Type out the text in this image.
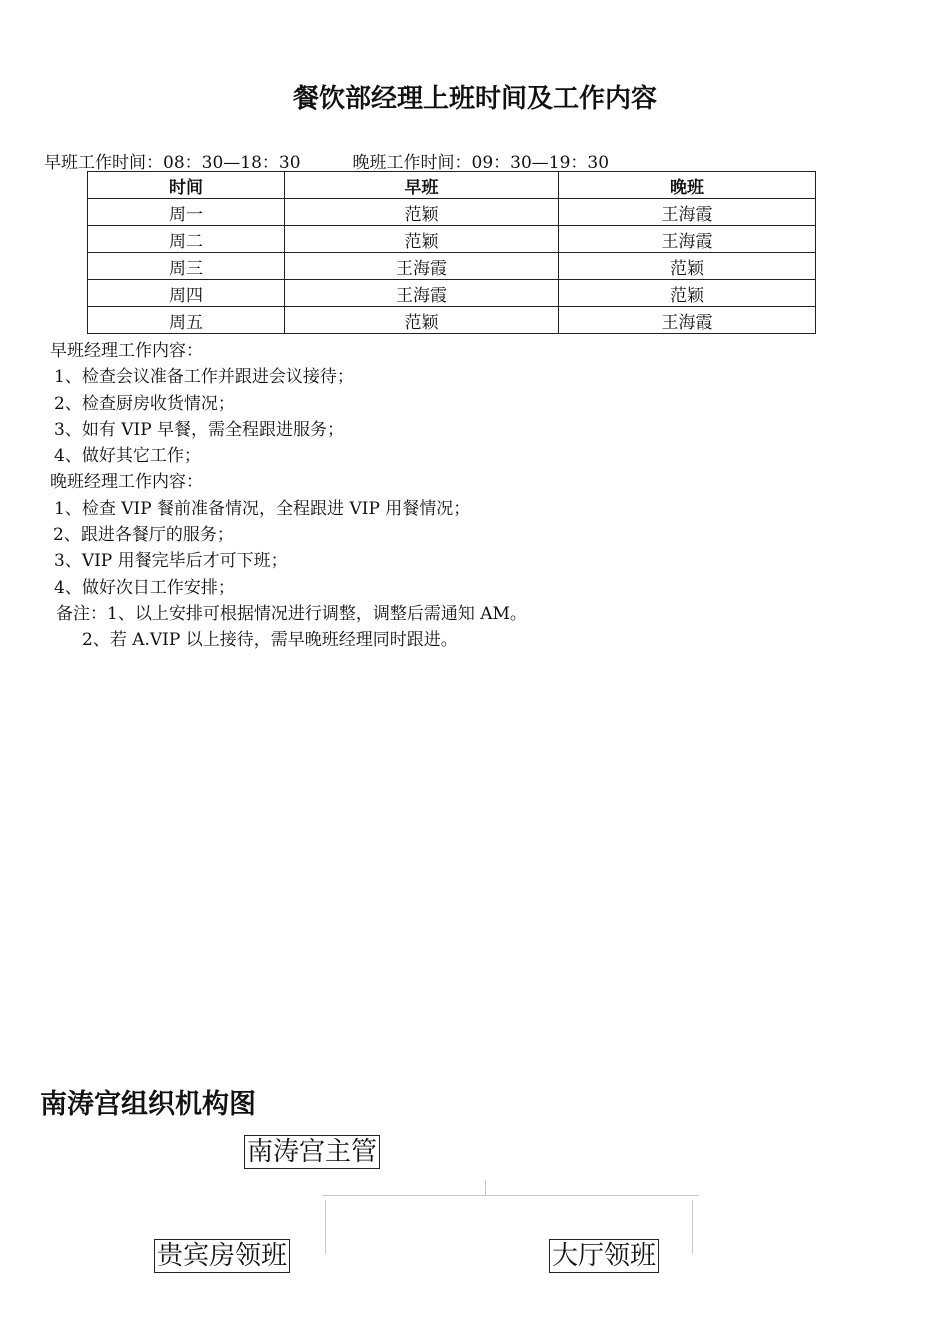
餐饮部经理上班时间及工作内容
早班工作时间：08：30—18：30	晚班工作时间：09：30—19：30
时间	早班	晚班
周一	范颖	王海霞
周二	范颖	王海霞
周三	王海霞	范颖
周四	王海霞	范颖
周五	范颖	王海霞
早班经理工作内容：
1、检查会议准备工作并跟进会议接待；
2、检查厨房收货情况；
3、如有 VIP 早餐，需全程跟进服务；
4、做好其它工作；
晚班经理工作内容：
1、检查 VIP 餐前准备情况，全程跟进 VIP 用餐情况；
2、跟进各餐厅的服务；
3、VIP 用餐完毕后才可下班；
4、做好次日工作安排；
备注：1、以上安排可根据情况进行调整，调整后需通知 AM。
2、若 A.VIP 以上接待，需早晚班经理同时跟进。
南涛宫组织机构图
南涛宫主管
贵宾房领班	大厅领班
